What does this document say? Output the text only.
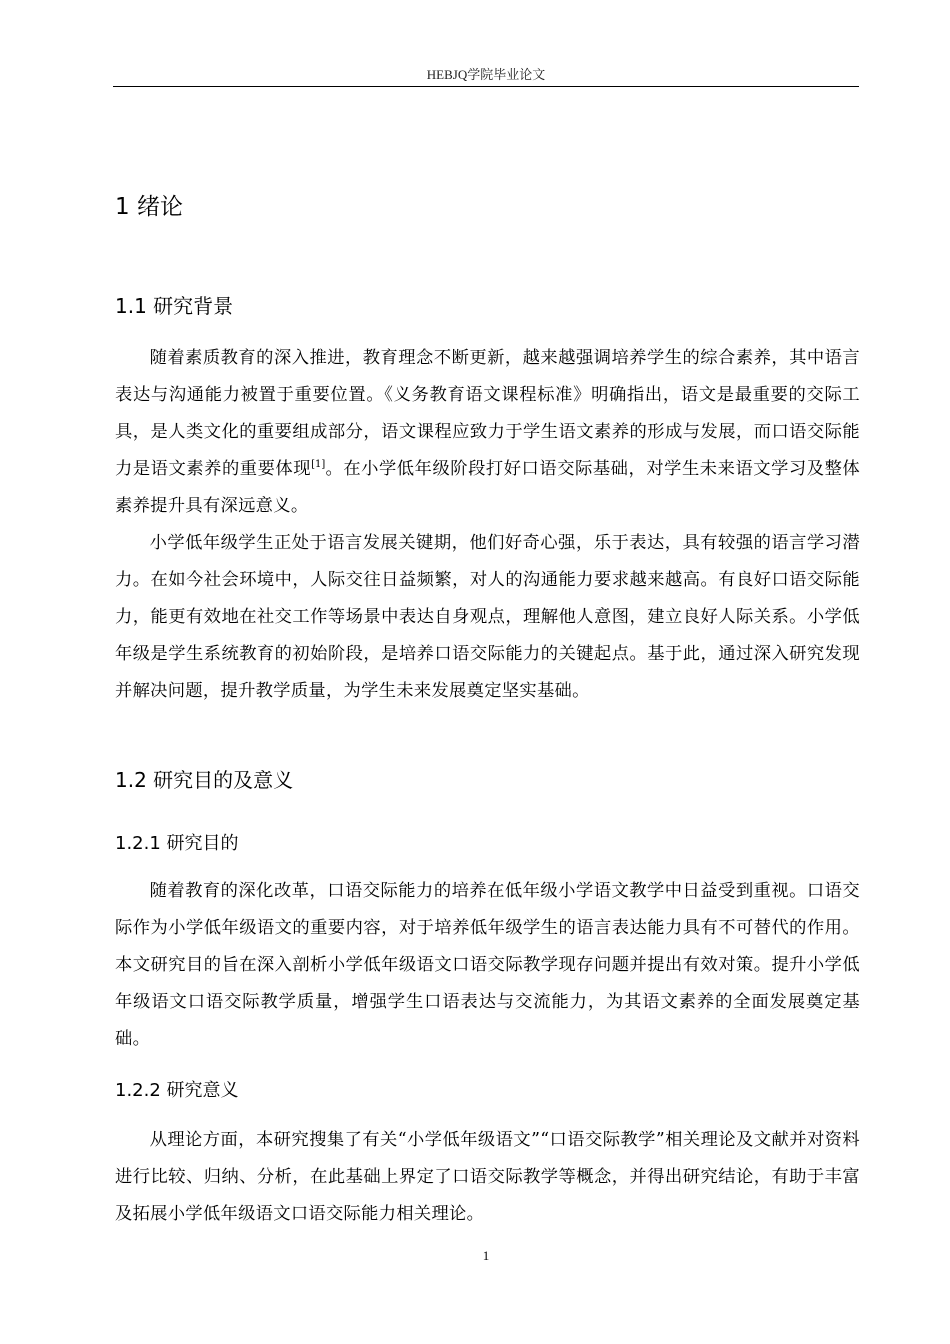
HEBJQ学院毕业论文
1 绪论
1.1 研究背景

随着素质教育的深入推进，教育理念不断更新，越来越强调培养学生的综合素养，其中语言表达与沟通能力被置于重要位置。《义务教育语文课程标准》明确指出，语文是最重要的交际工具，是人类文化的重要组成部分，语文课程应致力于学生语文素养的形成与发展，而口语交际能力是语文素养的重要体现[1]。在小学低年级阶段打好口语交际基础，对学生未来语文学习及整体素养提升具有深远意义。

小学低年级学生正处于语言发展关键期，他们好奇心强，乐于表达，具有较强的语言学习潜力。在如今社会环境中，人际交往日益频繁，对人的沟通能力要求越来越高。有良好口语交际能力，能更有效地在社交工作等场景中表达自身观点，理解他人意图，建立良好人际关系。小学低年级是学生系统教育的初始阶段，是培养口语交际能力的关键起点。基于此，通过深入研究发现并解决问题，提升教学质量，为学生未来发展奠定坚实基础。

1.2 研究目的及意义
1.2.1 研究目的

随着教育的深化改革，口语交际能力的培养在低年级小学语文教学中日益受到重视。口语交际作为小学低年级语文的重要内容，对于培养低年级学生的语言表达能力具有不可替代的作用。本文研究目的旨在深入剖析小学低年级语文口语交际教学现存问题并提出有效对策。提升小学低年级语文口语交际教学质量，增强学生口语表达与交流能力，为其语文素养的全面发展奠定基础。

1.2.2 研究意义

从理论方面，本研究搜集了有关“小学低年级语文”“口语交际教学”相关理论及文献并对资料进行比较、归纳、分析，在此基础上界定了口语交际教学等概念，并得出研究结论，有助于丰富及拓展小学低年级语文口语交际能力相关理论。

1
